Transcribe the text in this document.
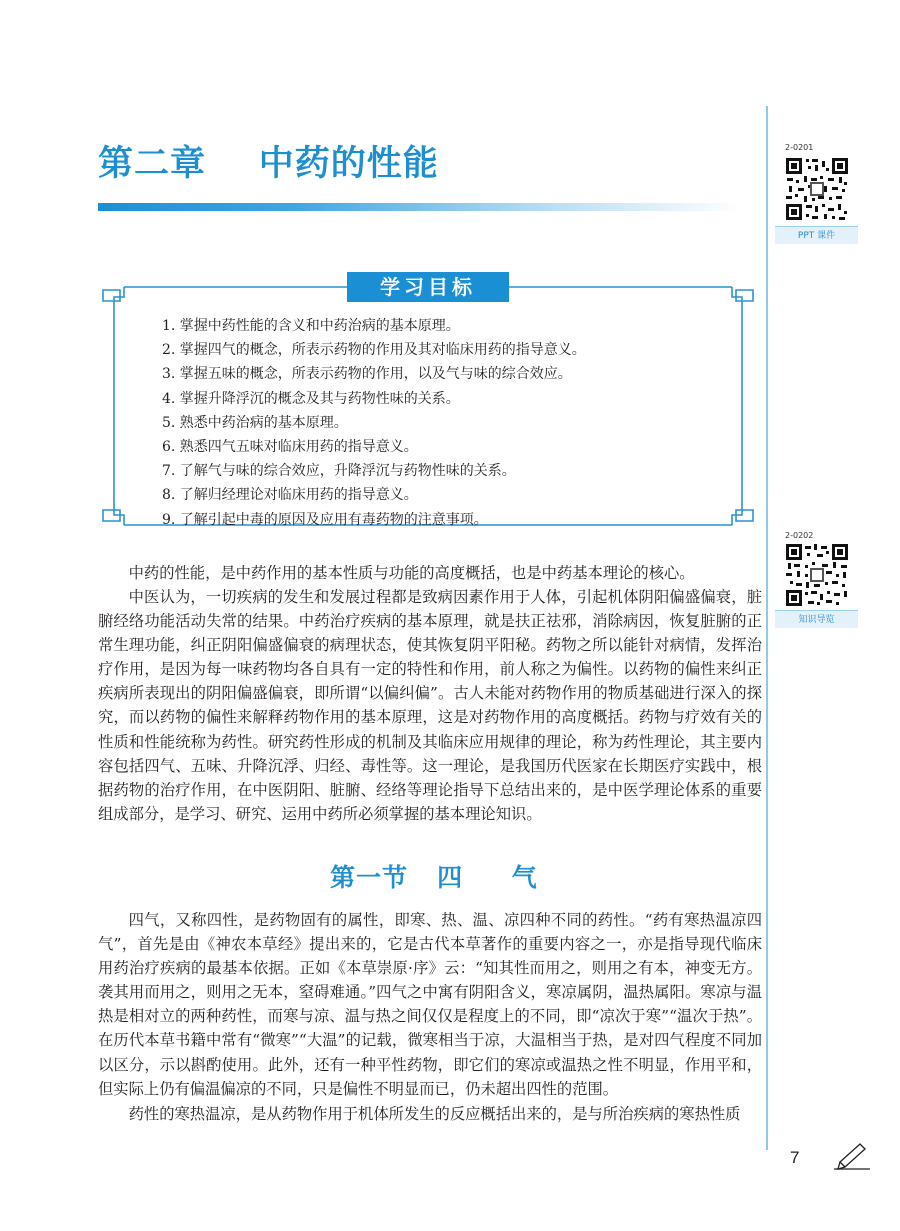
第二章    中药的性能	2-0201
PPT 课件
2-0202
知识导览
学习目标
1. 掌握中药性能的含义和中药治病的基本原理。
2. 掌握四气的概念，所表示药物的作用及其对临床用药的指导意义。
3. 掌握五味的概念，所表示药物的作用，以及气与味的综合效应。
4. 掌握升降浮沉的概念及其与药物性味的关系。
5. 熟悉中药治病的基本原理。
6. 熟悉四气五味对临床用药的指导意义。
7. 了解气与味的综合效应，升降浮沉与药物性味的关系。
8. 了解归经理论对临床用药的指导意义。
9. 了解引起中毒的原因及应用有毒药物的注意事项。

中药的性能，是中药作用的基本性质与功能的高度概括，也是中药基本理论的核心。

中医认为，一切疾病的发生和发展过程都是致病因素作用于人体，引起机体阴阳偏盛偏衰，脏腑经络功能活动失常的结果。中药治疗疾病的基本原理，就是扶正祛邪，消除病因，恢复脏腑的正常生理功能，纠正阴阳偏盛偏衰的病理状态，使其恢复阴平阳秘。药物之所以能针对病情，发挥治疗作用，是因为每一味药物均各自具有一定的特性和作用，前人称之为偏性。以药物的偏性来纠正疾病所表现出的阴阳偏盛偏衰，即所谓“以偏纠偏”。古人未能对药物作用的物质基础进行深入的探究，而以药物的偏性来解释药物作用的基本原理，这是对药物作用的高度概括。药物与疗效有关的性质和性能统称为药性。研究药性形成的机制及其临床应用规律的理论，称为药性理论，其主要内容包括四气、五味、升降沉浮、归经、毒性等。这一理论，是我国历代医家在长期医疗实践中，根据药物的治疗作用，在中医阴阳、脏腑、经络等理论指导下总结出来的，是中医学理论体系的重要组成部分，是学习、研究、运用中药所必须掌握的基本理论知识。

第一节   四     气

四气，又称四性，是药物固有的属性，即寒、热、温、凉四种不同的药性。“药有寒热温凉四气”，首先是由《神农本草经》提出来的，它是古代本草著作的重要内容之一，亦是指导现代临床用药治疗疾病的最基本依据。正如《本草崇原·序》云：“知其性而用之，则用之有本，神变无方。袭其用而用之，则用之无本，窒碍难通。”四气之中寓有阴阳含义，寒凉属阴，温热属阳。寒凉与温热是相对立的两种药性，而寒与凉、温与热之间仅仅是程度上的不同，即“凉次于寒”“温次于热”。在历代本草书籍中常有“微寒”“大温”的记载，微寒相当于凉，大温相当于热，是对四气程度不同加以区分，示以斟酌使用。此外，还有一种平性药物，即它们的寒凉或温热之性不明显，作用平和，但实际上仍有偏温偏凉的不同，只是偏性不明显而已，仍未超出四性的范围。

药性的寒热温凉，是从药物作用于机体所发生的反应概括出来的，是与所治疾病的寒热性质

7
